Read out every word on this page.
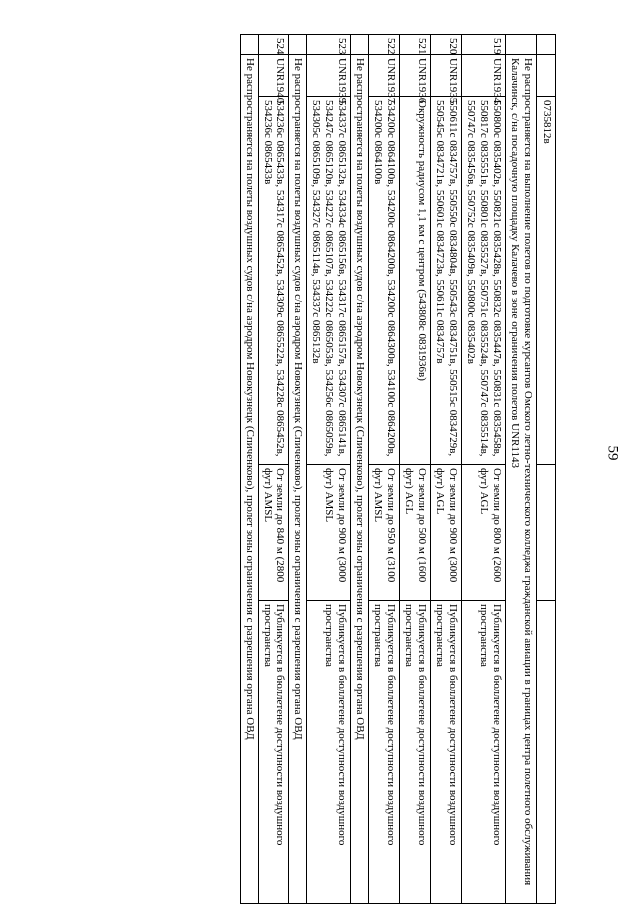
59
		0735812в		
	Не распространяется на выполнение полетов по подготовке курсантов Омского летно-технического колледжа гражданской авиации в границах центра полетного обслуживания Калачинск, с/на посадочную площадку Калачево в зоне ограничения полетов UNR1143			
519	UNR1934	550800с 0835402в, 550821с 0835428в, 550832с 0835447в, 550831с 0835458в, 550817с 0835551в, 550801с 0835527в, 550751с 0835524в, 550747с 0835514в, 550747с 0835456в, 550752с 0835409в, 550800с 0835402в	От земли до 800 м (2600 фут) AGL	Публикуется в бюллетене доступности воздушного пространства
520	UNR1935	550611с 0834757в, 550550с 0834804в, 550543с 0834751в, 550515с 0834729в, 550545с 0834721в, 550601с 0834723в, 550611с 0834757в	От земли до 900 м (3000 фут) AGL	Публикуется в бюллетене доступности воздушного пространства
521	UNR1936	Окружность радиусом 1,1 км с центром (543808с 0831936в)	От земли до 500 м (1600 фут) AGL	Публикуется в бюллетене доступности воздушного пространства
522	UNR1937	534200с 0864100в, 534200с 0864200в, 534200с 0864300в, 534100с 0864200в, 534200с 0864100в	От земли до 950 м (3100 фут) AMSL	Публикуется в бюллетене доступности воздушного пространства
	Не распространяется на полеты воздушных судов с/на аэродром Новокузнецк (Спиченково), пролет зоны ограничения с разрешения органа ОВД			
523	UNR1939	534337с 0865132в, 534334с 0865156в, 534317с 0865157в, 534307с 0865141в, 534247с 0865120в, 534227с 0865107в, 534222с 0865053в, 534256с 0865059в, 534305с 0865109в, 534327с 0865114в, 534337с 0865132в	От земли до 900 м (3000 фут) AMSL	Публикуется в бюллетене доступности воздушного пространства
	Не распространяется на полеты воздушных судов с/на аэродром Новокузнецк (Спиченково), пролет зоны ограничения с разрешения органа ОВД			
524	UNR1940	534236с 0865433в, 534317с 0865452в, 534309с 0865522в, 534228с 0865452в, 534236с 0865433в	От земли до 840 м (2800 фут) AMSL	Публикуется в бюллетене доступности воздушного пространства
	Не распространяется на полеты воздушных судов с/на аэродром Новокузнецк (Спиченково), пролет зоны ограничения с разрешения органа ОВД			
